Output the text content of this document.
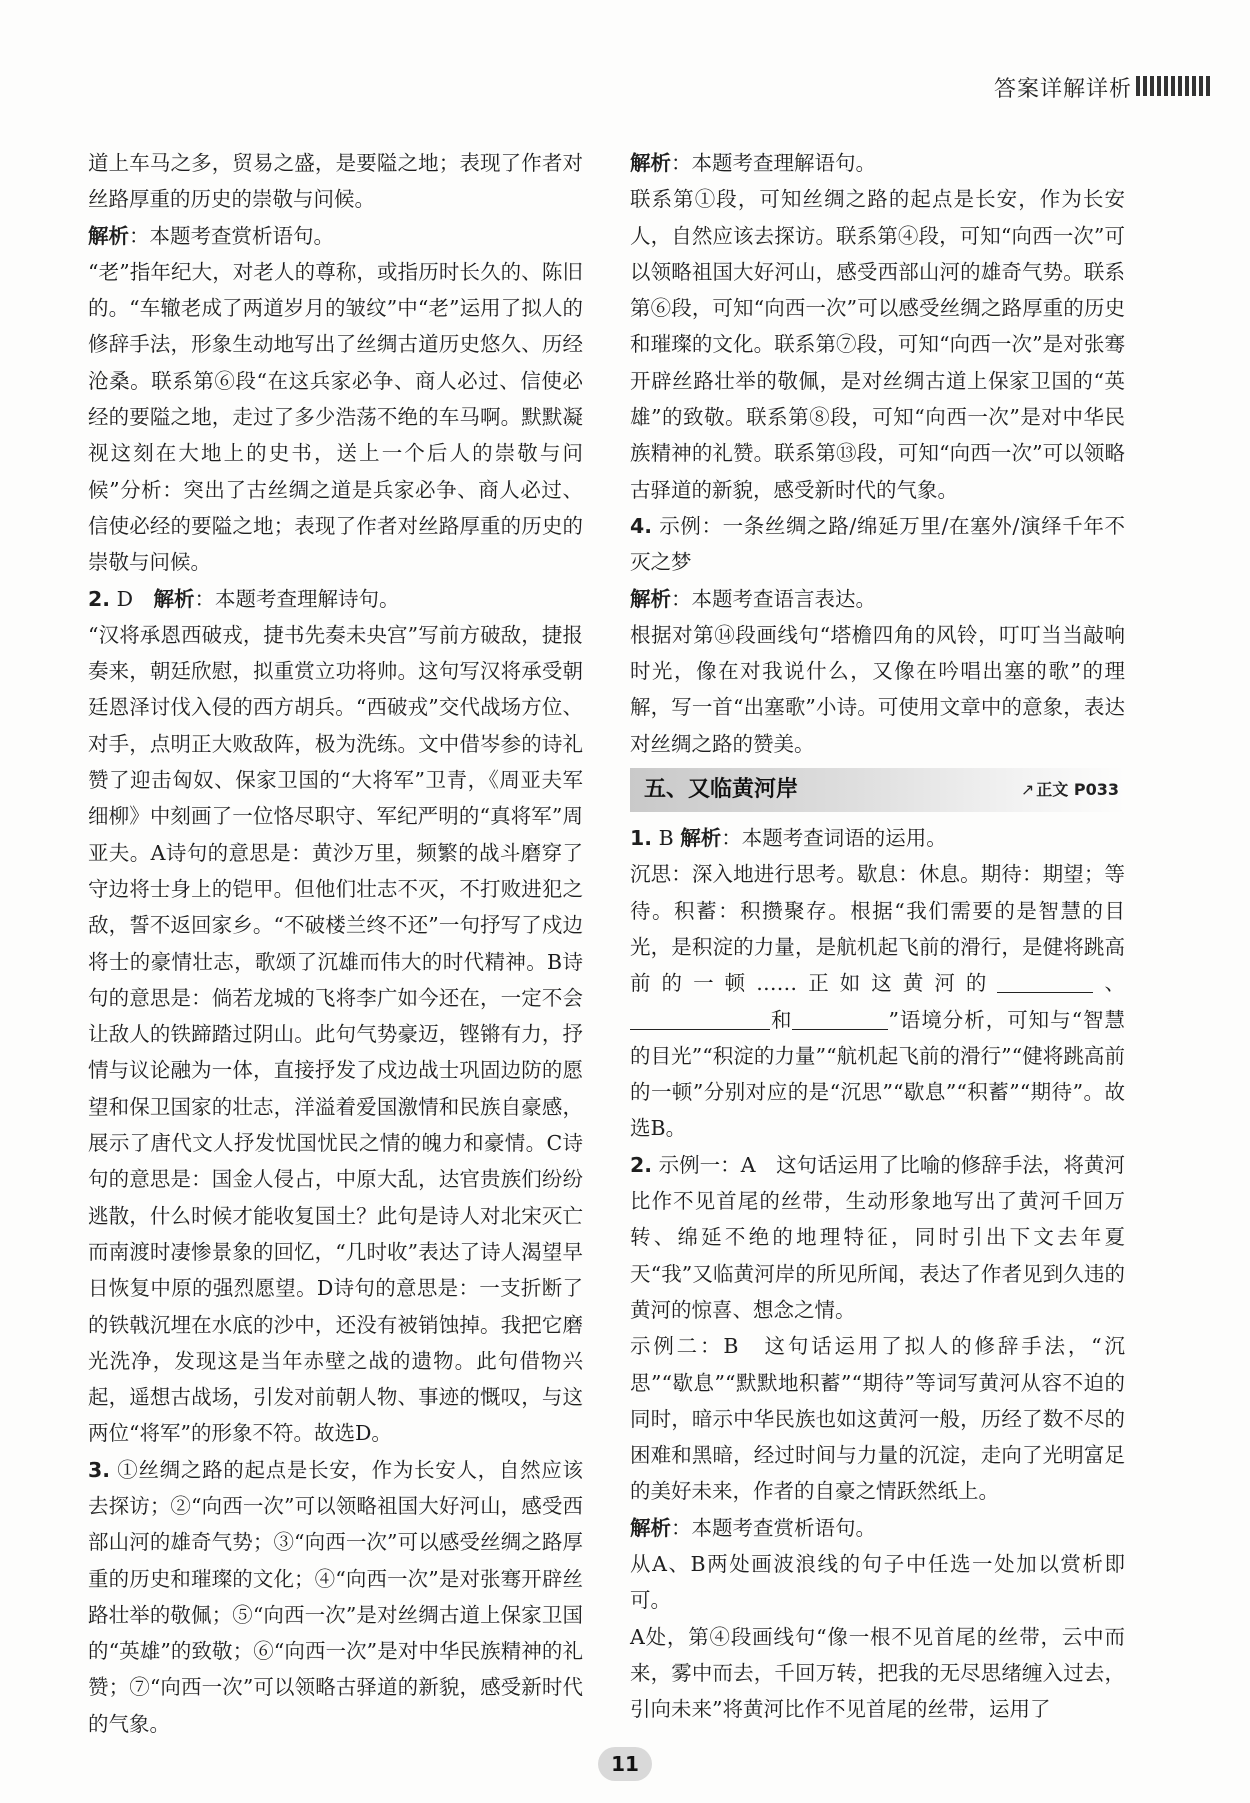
答案详解详析

道上车马之多，贸易之盛，是要隘之地；表现了作者对丝路厚重的历史的崇敬与问候。

解析：本题考查赏析语句。

“老”指年纪大，对老人的尊称，或指历时长久的、陈旧的。“车辙老成了两道岁月的皱纹”中“老”运用了拟人的修辞手法，形象生动地写出了丝绸古道历史悠久、历经沧桑。联系第⑥段“在这兵家必争、商人必过、信使必经的要隘之地，走过了多少浩荡不绝的车马啊。默默凝视这刻在大地上的史书，送上一个后人的崇敬与问候”分析：突出了古丝绸之道是兵家必争、商人必过、信使必经的要隘之地；表现了作者对丝路厚重的历史的崇敬与问候。

2. D  解析：本题考查理解诗句。

“汉将承恩西破戎，捷书先奏未央宫”写前方破敌，捷报奏来，朝廷欣慰，拟重赏立功将帅。这句写汉将承受朝廷恩泽讨伐入侵的西方胡兵。“西破戎”交代战场方位、对手，点明正大败敌阵，极为洗练。文中借岑参的诗礼赞了迎击匈奴、保家卫国的“大将军”卫青，《周亚夫军细柳》中刻画了一位恪尽职守、军纪严明的“真将军”周亚夫。A诗句的意思是：黄沙万里，频繁的战斗磨穿了守边将士身上的铠甲。但他们壮志不灭，不打败进犯之敌，誓不返回家乡。“不破楼兰终不还”一句抒写了戍边将士的豪情壮志，歌颂了沉雄而伟大的时代精神。B诗句的意思是：倘若龙城的飞将李广如今还在，一定不会让敌人的铁蹄踏过阴山。此句气势豪迈，铿锵有力，抒情与议论融为一体，直接抒发了戍边战士巩固边防的愿望和保卫国家的壮志，洋溢着爱国激情和民族自豪感，展示了唐代文人抒发忧国忧民之情的魄力和豪情。C诗句的意思是：国金人侵占，中原大乱，达官贵族们纷纷逃散，什么时候才能收复国土？此句是诗人对北宋灭亡而南渡时凄惨景象的回忆，“几时收”表达了诗人渴望早日恢复中原的强烈愿望。D诗句的意思是：一支折断了的铁戟沉埋在水底的沙中，还没有被销蚀掉。我把它磨光洗净，发现这是当年赤壁之战的遗物。此句借物兴起，遥想古战场，引发对前朝人物、事迹的慨叹，与这两位“将军”的形象不符。故选D。

3. ①丝绸之路的起点是长安，作为长安人，自然应该去探访；②“向西一次”可以领略祖国大好河山，感受西部山河的雄奇气势；③“向西一次”可以感受丝绸之路厚重的历史和璀璨的文化；④“向西一次”是对张骞开辟丝路壮举的敬佩；⑤“向西一次”是对丝绸古道上保家卫国的“英雄”的致敬；⑥“向西一次”是对中华民族精神的礼赞；⑦“向西一次”可以领略古驿道的新貌，感受新时代的气象。

解析：本题考查理解语句。

联系第①段，可知丝绸之路的起点是长安，作为长安人，自然应该去探访。联系第④段，可知“向西一次”可以领略祖国大好河山，感受西部山河的雄奇气势。联系第⑥段，可知“向西一次”可以感受丝绸之路厚重的历史和璀璨的文化。联系第⑦段，可知“向西一次”是对张骞开辟丝路壮举的敬佩，是对丝绸古道上保家卫国的“英雄”的致敬。联系第⑧段，可知“向西一次”是对中华民族精神的礼赞。联系第⑬段，可知“向西一次”可以领略古驿道的新貌，感受新时代的气象。

4. 示例：一条丝绸之路/绵延万里/在塞外/演绎千年不灭之梦

解析：本题考查语言表达。

根据对第⑭段画线句“塔檐四角的风铃，叮叮当当敲响时光，像在对我说什么，又像在吟唱出塞的歌”的理解，写一首“出塞歌”小诗。可使用文章中的意象，表达对丝绸之路的赞美。

五、又临黄河岸	↗ 正文 P033

1. B 解析：本题考查词语的运用。

沉思：深入地进行思考。歇息：休息。期待：期望；等待。积蓄：积攒聚存。根据“我们需要的是智慧的目光，是积淀的力量，是航机起飞前的滑行，是健将跳高前的一顿……正如这黄河的	、和	”语境分析，可知与“智慧的目光”“积淀的力量”“航机起飞前的滑行”“健将跳高前的一顿”分别对应的是“沉思”“歇息”“积蓄”“期待”。故选B。

2. 示例一：A　这句话运用了比喻的修辞手法，将黄河比作不见首尾的丝带，生动形象地写出了黄河千回万转、绵延不绝的地理特征，同时引出下文去年夏天“我”又临黄河岸的所见所闻，表达了作者见到久违的黄河的惊喜、想念之情。

示例二：B　这句话运用了拟人的修辞手法，“沉思”“歇息”“默默地积蓄”“期待”等词写黄河从容不迫的同时，暗示中华民族也如这黄河一般，历经了数不尽的困难和黑暗，经过时间与力量的沉淀，走向了光明富足的美好未来，作者的自豪之情跃然纸上。

解析：本题考查赏析语句。

从A、B两处画波浪线的句子中任选一处加以赏析即可。

A处，第④段画线句“像一根不见首尾的丝带，云中而来，雾中而去，千回万转，把我的无尽思绪缠入过去，引向未来”将黄河比作不见首尾的丝带，运用了

11
